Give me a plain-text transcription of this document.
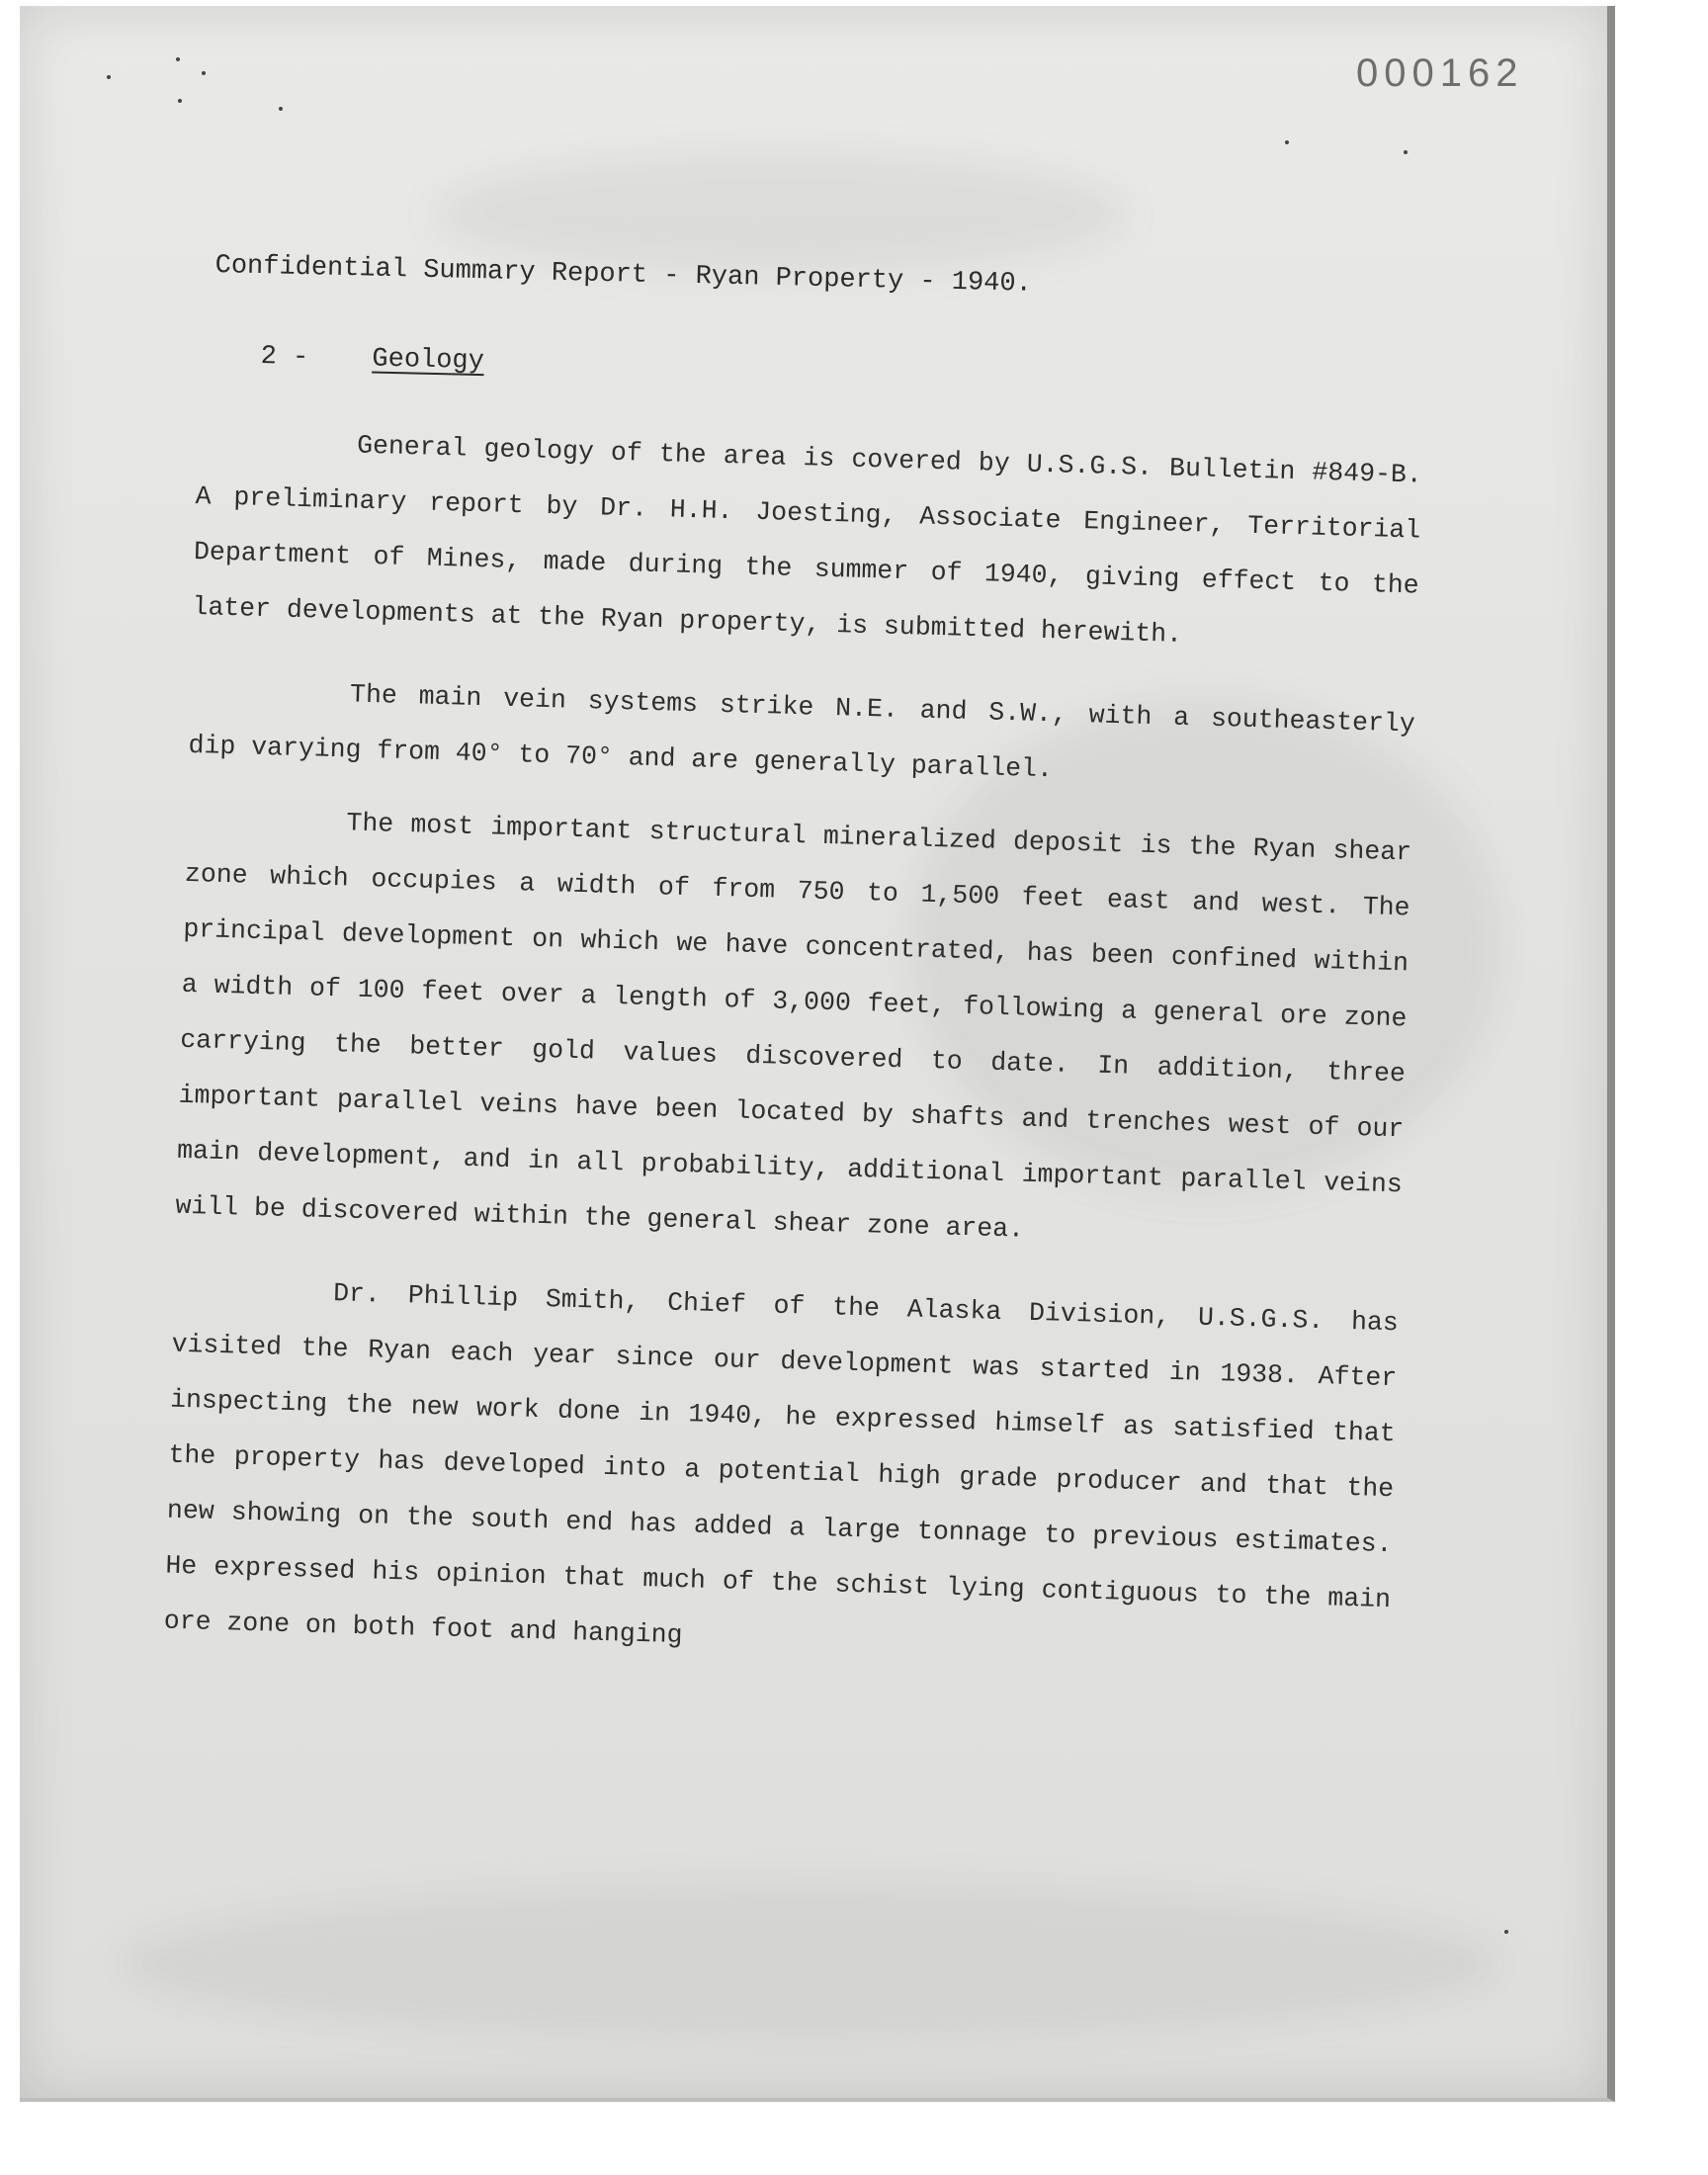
000162
Confidential Summary Report - Ryan Property - 1940.
2 - Geology

General geology of the area is covered by U.S.G.S. Bulletin #849-B. A preliminary report by Dr. H.H. Joesting, Associate Engineer, Territorial Department of Mines, made during the summer of 1940, giving effect to the later developments at the Ryan property, is submitted herewith.

The main vein systems strike N.E. and S.W., with a southeasterly dip varying from 40° to 70° and are generally parallel.

The most important structural mineralized deposit is the Ryan shear zone which occupies a width of from 750 to 1,500 feet east and west. The principal development on which we have concentrated, has been confined within a width of 100 feet over a length of 3,000 feet, following a general ore zone carrying the better gold values discovered to date. In addition, three important parallel veins have been located by shafts and trenches west of our main development, and in all probability, additional important parallel veins will be discovered within the general shear zone area.

Dr. Phillip Smith, Chief of the Alaska Division, U.S.G.S. has visited the Ryan each year since our development was started in 1938. After inspecting the new work done in 1940, he expressed himself as satisfied that the property has developed into a potential high grade producer and that the new showing on the south end has added a large tonnage to previous estimates. He expressed his opinion that much of the schist lying contiguous to the main ore zone on both foot and hanging
